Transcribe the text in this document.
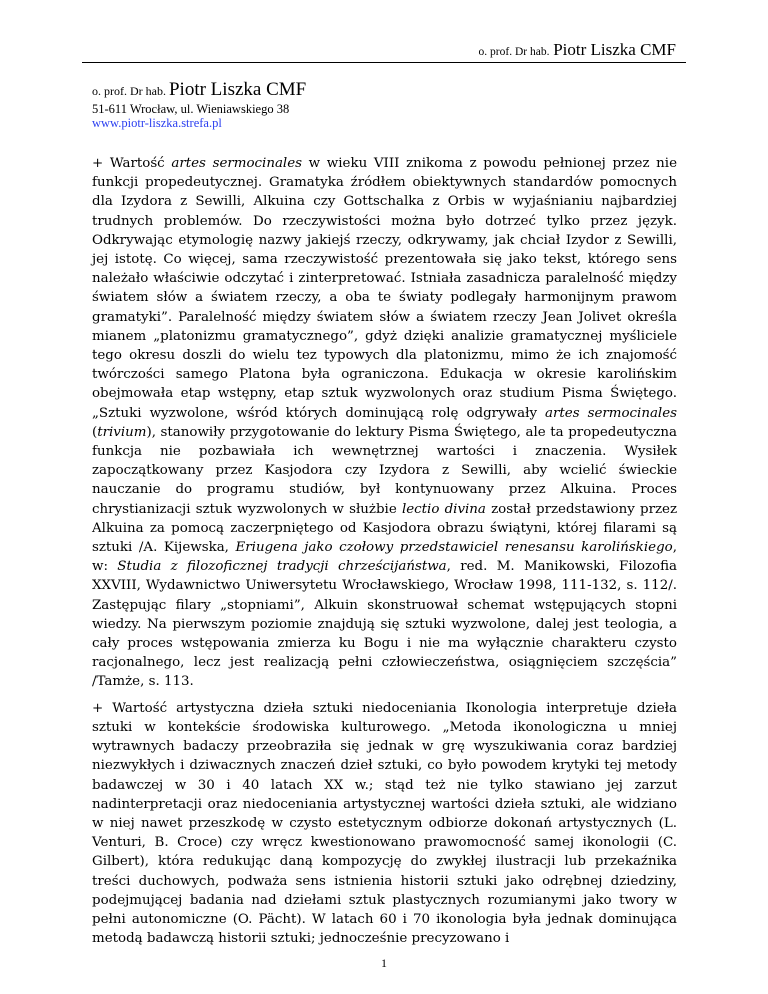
o. prof. Dr hab. Piotr Liszka CMF
o. prof. Dr hab. Piotr Liszka CMF
51-611 Wrocław, ul. Wieniawskiego 38
www.piotr-liszka.strefa.pl

+ Wartość artes sermocinales w wieku VIII znikoma z powodu pełnionej przez nie funkcji propedeutycznej. Gramatyka źródłem obiektywnych standardów pomocnych dla Izydora z Sewilli, Alkuina czy Gottschalka z Orbis w wyjaśnianiu najbardziej trudnych problemów. Do rzeczywistości można było dotrzeć tylko przez język. Odkrywając etymologię nazwy jakiejś rzeczy, odkrywamy, jak chciał Izydor z Sewilli, jej istotę. Co więcej, sama rzeczywistość prezentowała się jako tekst, którego sens należało właściwie odczytać i zinterpretować. Istniała zasadnicza paralelność między światem słów a światem rzeczy, a oba te światy podlegały harmonijnym prawom gramatyki”. Paralelność między światem słów a światem rzeczy Jean Jolivet określa mianem „platonizmu gramatycznego”, gdyż dzięki analizie gramatycznej myśliciele tego okresu doszli do wielu tez typowych dla platonizmu, mimo że ich znajomość twórczości samego Platona była ograniczona. Edukacja w okresie karolińskim obejmowała etap wstępny, etap sztuk wyzwolonych oraz studium Pisma Świętego. „Sztuki wyzwolone, wśród których dominującą rolę odgrywały artes sermocinales (trivium), stanowiły przygotowanie do lektury Pisma Świętego, ale ta propedeutyczna funkcja nie pozbawiała ich wewnętrznej wartości i znaczenia. Wysiłek zapoczątkowany przez Kasjodora czy Izydora z Sewilli, aby wcielić świeckie nauczanie do programu studiów, był kontynuowany przez Alkuina. Proces chrystianizacji sztuk wyzwolonych w służbie lectio divina został przedstawiony przez Alkuina za pomocą zaczerpniętego od Kasjodora obrazu świątyni, której filarami są sztuki /A. Kijewska, Eriugena jako czołowy przedstawiciel renesansu karolińskiego, w: Studia z filozoficznej tradycji chrześcijaństwa, red. M. Manikowski, Filozofia XXVIII, Wydawnictwo Uniwersytetu Wrocławskiego, Wrocław 1998, 111-132, s. 112/. Zastępując filary „stopniami”, Alkuin skonstruował schemat wstępujących stopni wiedzy. Na pierwszym poziomie znajdują się sztuki wyzwolone, dalej jest teologia, a cały proces wstępowania zmierza ku Bogu i nie ma wyłącznie charakteru czysto racjonalnego, lecz jest realizacją pełni człowieczeństwa, osiągnięciem szczęścia” /Tamże, s. 113.

+ Wartość artystyczna dzieła sztuki niedoceniania Ikonologia interpretuje dzieła sztuki w kontekście środowiska kulturowego. „Metoda ikonologiczna u mniej wytrawnych badaczy przeobraziła się jednak w grę wyszukiwania coraz bardziej niezwykłych i dziwacznych znaczeń dzieł sztuki, co było powodem krytyki tej metody badawczej w 30 i 40 latach XX w.; stąd też nie tylko stawiano jej zarzut nadinterpretacji oraz niedoceniania artystycznej wartości dzieła sztuki, ale widziano w niej nawet przeszkodę w czysto estetycznym odbiorze dokonań artystycznych (L. Venturi, B. Croce) czy wręcz kwestionowano prawomocność samej ikonologii (C. Gilbert), która redukując daną kompozycję do zwykłej ilustracji lub przekaźnika treści duchowych, podważa sens istnienia historii sztuki jako odrębnej dziedziny, podejmującej badania nad dziełami sztuk plastycznych rozumianymi jako twory w pełni autonomiczne (O. Pächt). W latach 60 i 70 ikonologia była jednak dominująca metodą badawczą historii sztuki; jednocześnie precyzowano i

1
